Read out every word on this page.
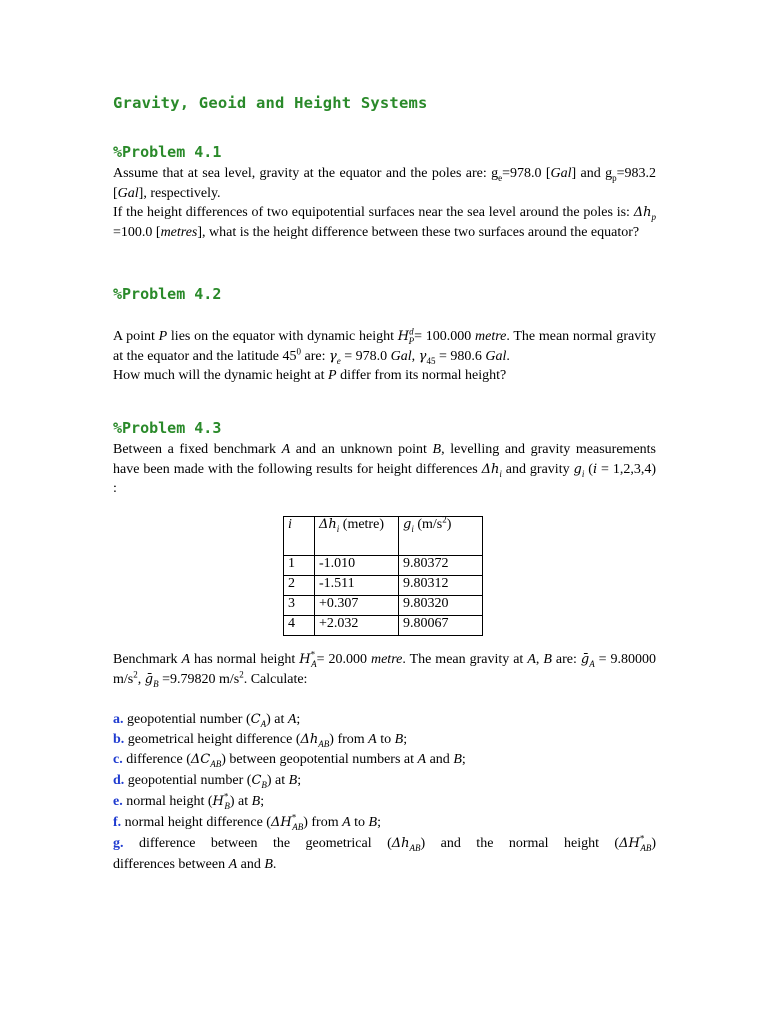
Gravity, Geoid and Height Systems
%Problem 4.1

Assume that at sea level, gravity at the equator and the poles are: $g_e=978.0$ [Gal] and $g_p=983.2$ [Gal], respectively.
If the height differences of two equipotential surfaces near the sea level around the poles is: $\Delta h_p =100.0$ [metres], what is the height difference between these two surfaces around the equator?

%Problem 4.2

A point P lies on the equator with dynamic height $H^d_P= 100.000$ metre. The mean normal gravity at the equator and the latitude $45^0$ are: $\gamma_e = 978.0$ Gal, $\gamma_{45} = 980.6$ Gal.
How much will the dynamic height at P differ from its normal height?

%Problem 4.3

Between a fixed benchmark A and an unknown point B, levelling and gravity measurements have been made with the following results for height differences $\Delta h_i$ and gravity $g_i$ (i = 1,2,3,4) :

i	$\Delta h_i$ (metre)	$g_i$ $(m/s^2)$
1	-1.010	9.80372
2	-1.511	9.80312
3	+0.307	9.80320
4	+2.032	9.80067

Benchmark A has normal height $H^*_A= 20.000$ metre. The mean gravity at A, B are: ḡ$_A$ = 9.80000 $m/s^2$, ḡ$_B$ =9.79820 $m/s^2$. Calculate:

a. geopotential number $(C_A)$ at A;

b. geometrical height difference $(\Delta h_{AB})$ from A to B;

c. difference $(\Delta C_{AB})$ between geopotential numbers at A and B;

d. geopotential number $(C_B)$ at B;

e. normal height $(H^*_B)$ at B;

f. normal height difference $(\Delta H^*_{AB})$ from A to B;

g. difference between the geometrical $(\Delta h_{AB})$ and the normal height $(\Delta H^*_{AB})$

differences between A and B.
